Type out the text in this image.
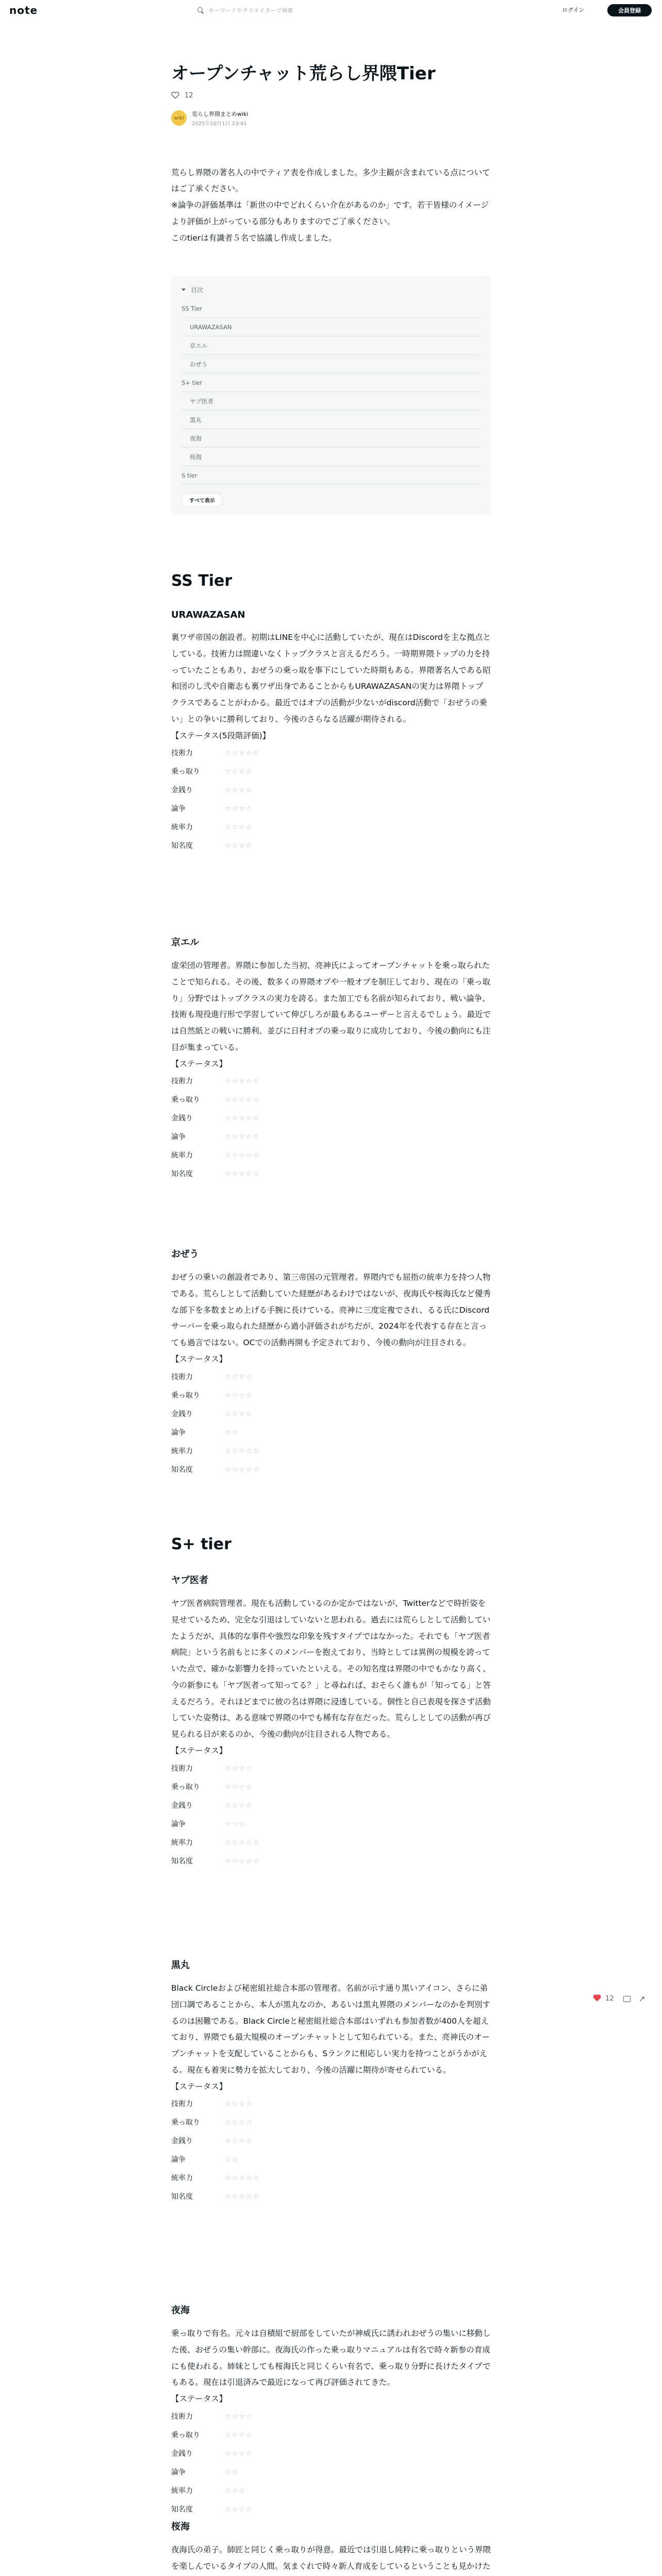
note	キーワードやクリエイターで検索	ログイン	会員登録
オープンチャット荒らし界隈Tier
12
wiki
荒らし界隈まとめwiki
2025年10月1日 23:41

荒らし界隈の著名人の中でティア表を作成しました。多少主観が含まれている点についてはご了承ください。

※論争の評価基準は「新世の中でどれくらい介在があるのか」です。若干皆様のイメージより評価が上がっている部分もありますのでご了承ください。

このtierは有識者５名で協議し作成しました。

目次
SS Tier
URAWAZASAN
京エル
おぜう
S+ tier
ヤブ医者
黒丸
夜海
桜海
S tier
すべて表示
SS Tier
URAWAZASAN

裏ワザ帝国の創設者。初期はLINEを中心に活動していたが、現在はDiscordを主な拠点としている。技術力は間違いなくトップクラスと言えるだろう。一時期界隈トップの力を持っていたこともあり、おぜうの乗っ取を事下にしていた時期もある。界隈著名人である昭和団のし弐や自衛志も裏ワザ出身であることからもURAWAZASANの実力は界隈トップクラスであることがわかる。最近ではオプの活動が少ないがdiscord活動で「おぜうの乗い」との争いに勝利しており、今後のさらなる活躍が期待される。

【ステータス(5段階評価)】

技術力	☆☆☆☆☆
乗っ取り	☆☆☆☆
金銭り	☆☆☆☆
論争	☆☆☆☆
統率力	☆☆☆☆
知名度	☆☆☆☆
京エル

虚栄団の管理者。界隈に参加した当初、亮神氏によってオープンチャットを乗っ取られたことで知られる。その後、数多くの界隈オプや一般オプを制圧しており、現在の「乗っ取り」分野ではトップクラスの実力を誇る。また加工でも名前が知られており、戦い論争、技術も現役進行形で学習していて伸びしろが最もあるユーザーと言えるでしょう。最近では自然紙との戦いに勝利、並びに日村オプの乗っ取りに成功しており、今後の動向にも注目が集まっている。

【ステータス】

技術力	☆☆☆☆☆
乗っ取り	☆☆☆☆☆
金銭り	☆☆☆☆☆
論争	☆☆☆☆☆
統率力	☆☆☆☆☆
知名度	☆☆☆☆☆
おぜう

おぜうの乗いの創設者であり、第三帝国の元管理者。界隈内でも屈指の統率力を持つ人物である。荒らしとして活動していた経歴があるわけではないが、夜海氏や桜海氏など優秀な部下を多数まとめ上げる手腕に長けている。亮神に三度定複でされ、るる氏にDiscordサーバーを乗っ取られた経歴から過小評価されがちだが、2024年を代表する存在と言っても過言ではない。OCでの活動再開も予定されており、今後の動向が注目される。

【ステータス】

技術力	☆☆☆☆
乗っ取り	☆☆☆☆
金銭り	☆☆☆☆
論争	☆☆
統率力	☆☆☆☆☆
知名度	☆☆☆☆☆
S+ tier
ヤブ医者

ヤブ医者病院管理者。現在も活動しているのか定かではないが、Twitterなどで時折姿を見せているため、完全な引退はしていないと思われる。過去には荒らしとして活動していたようだが、具体的な事件や強烈な印象を残すタイプではなかった。それでも「ヤブ医者病院」という名前もとに多くのメンバーを抱えており、当時としては異例の規模を誇っていた点で、確かな影響力を持っていたといえる。その知名度は界隈の中でもかなり高く、今の新参にも「ヤブ医者って知ってる？」と尋ねれば、おそらく誰もが「知ってる」と答えるだろう。それほどまでに彼の名は界隈に浸透している。個性と自己表現を探さず活動していた姿勢は、ある意味で界隈の中でも稀有な存在だった。荒らしとしての活動が再び見られる日が来るのか、今後の動向が注目される人物である。

【ステータス】

技術力	☆☆☆☆
乗っ取り	☆☆☆☆
金銭り	☆☆☆☆
論争	☆☆☆
統率力	☆☆☆☆☆
知名度	☆☆☆☆☆
黒丸

Black Circleおよび秘密組社総合本部の管理者。名前が示す通り黒いアイコン、さらに弟団口調であることから、本人が黒丸なのか、あるいは黒丸界隈のメンバーなのかを判別するのは困難である。Black Circleと秘密組社総合本部はいずれも参加者数が400人を超えており、界隈でも最大規模のオープンチャットとして知られている。また、亮神氏のオープンチャットを支配していることからも、Sランクに相応しい実力を持つことがうかがえる。現在も着実に勢力を拡大しており、今後の活躍に期待が寄せられている。

【ステータス】

技術力	☆☆☆☆
乗っ取り	☆☆☆☆
金銭り	☆☆☆☆
論争	☆☆
統率力	☆☆☆☆☆
知名度	☆☆☆☆☆
夜海

乗っ取りで有名。元々は自積組で厨部をしていたが神威氏に誘われおぜうの集いに移動した後、おぜうの集い幹部に。夜海氏の作った乗っ取りマニュアルは有名で時々新参の育成にも使われる。姉妹としても桜海氏と同じくらい有名で、乗っ取り分野に長けたタイプでもある。現在は引退済みで最近になって再び評価されてきた。

【ステータス】

技術力	☆☆☆☆
乗っ取り	☆☆☆☆
金銭り	☆☆☆☆
論争	☆☆
統率力	☆☆☆
知名度	☆☆☆☆
桜海

夜海氏の弟子。師匠と同じく乗っ取りが得意。最近では引退し純粋に乗っ取りという界隈を楽しんでいるタイプの人間。気まぐれで時々新人育成をしているということも見かけた

12	↗
